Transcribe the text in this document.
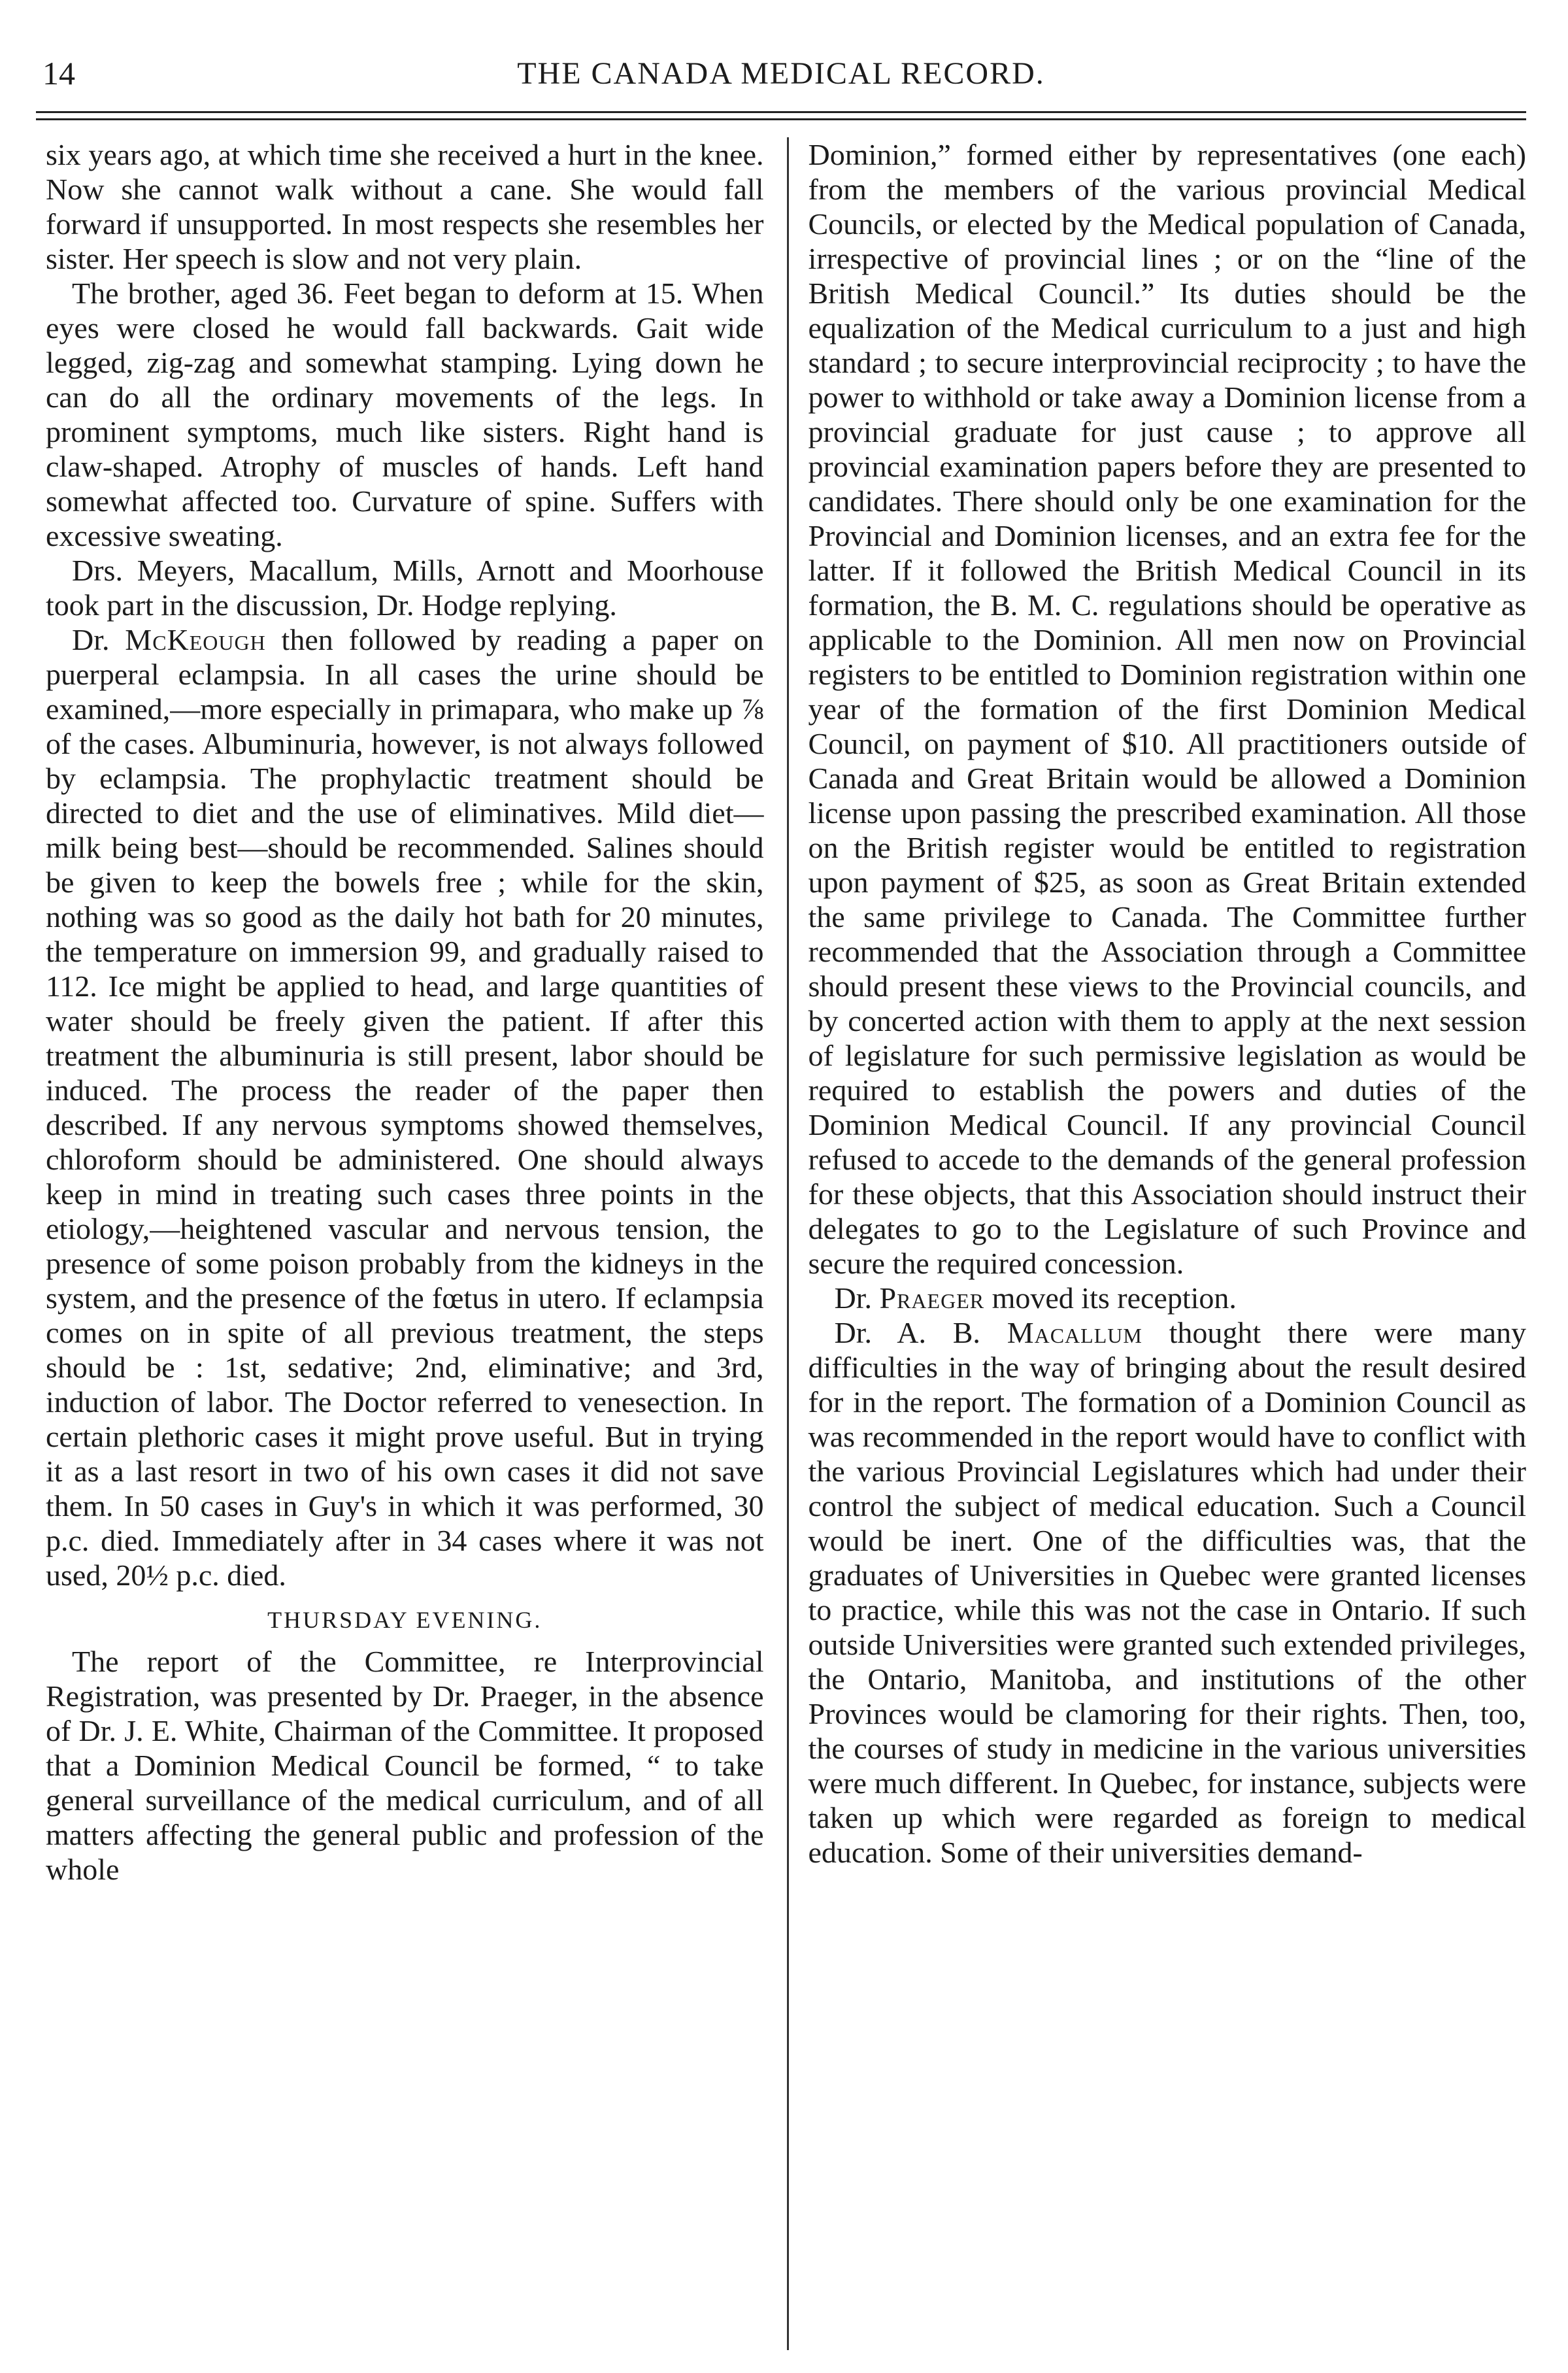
14	THE CANADA MEDICAL RECORD.

six years ago, at which time she received a hurt in the knee. Now she cannot walk without a cane. She would fall forward if unsupported. In most respects she resembles her sister. Her speech is slow and not very plain.

The brother, aged 36. Feet began to deform at 15. When eyes were closed he would fall backwards. Gait wide legged, zig-zag and somewhat stamping. Lying down he can do all the ordinary movements of the legs. In prominent symptoms, much like sisters. Right hand is claw-shaped. Atrophy of muscles of hands. Left hand somewhat affected too. Curvature of spine. Suffers with excessive sweating.

Drs. Meyers, Macallum, Mills, Arnott and Moorhouse took part in the discussion, Dr. Hodge replying.

Dr. McKeough then followed by reading a paper on puerperal eclampsia. In all cases the urine should be examined,—more especially in primapara, who make up ⅞ of the cases. Albuminuria, however, is not always followed by eclampsia. The prophylactic treatment should be directed to diet and the use of eliminatives. Mild diet—milk being best—should be recommended. Salines should be given to keep the bowels free ; while for the skin, nothing was so good as the daily hot bath for 20 minutes, the temperature on immersion 99, and gradually raised to 112. Ice might be applied to head, and large quantities of water should be freely given the patient. If after this treatment the albuminuria is still present, labor should be induced. The process the reader of the paper then described. If any nervous symptoms showed themselves, chloroform should be administered. One should always keep in mind in treating such cases three points in the etiology,—heightened vascular and nervous tension, the presence of some poison probably from the kidneys in the system, and the presence of the fœtus in utero. If eclampsia comes on in spite of all previous treatment, the steps should be : 1st, sedative; 2nd, eliminative; and 3rd, induction of labor. The Doctor referred to venesection. In certain plethoric cases it might prove useful. But in trying it as a last resort in two of his own cases it did not save them. In 50 cases in Guy's in which it was performed, 30 p.c. died. Immediately after in 34 cases where it was not used, 20½ p.c. died.

THURSDAY EVENING.

The report of the Committee, re Interprovincial Registration, was presented by Dr. Praeger, in the absence of Dr. J. E. White, Chairman of the Committee. It proposed that a Dominion Medical Council be formed, “ to take general surveillance of the medical curriculum, and of all matters affecting the general public and profession of the whole

Dominion,” formed either by representatives (one each) from the members of the various provincial Medical Councils, or elected by the Medical population of Canada, irrespective of provincial lines ; or on the “line of the British Medical Council.” Its duties should be the equalization of the Medical curriculum to a just and high standard ; to secure interprovincial reciprocity ; to have the power to withhold or take away a Dominion license from a provincial graduate for just cause ; to approve all provincial examination papers before they are presented to candidates. There should only be one examination for the Provincial and Dominion licenses, and an extra fee for the latter. If it followed the British Medical Council in its formation, the B. M. C. regulations should be operative as applicable to the Dominion. All men now on Provincial registers to be entitled to Dominion registration within one year of the formation of the first Dominion Medical Council, on payment of $10. All practitioners outside of Canada and Great Britain would be allowed a Dominion license upon passing the prescribed examination. All those on the British register would be entitled to registration upon payment of $25, as soon as Great Britain extended the same privilege to Canada. The Committee further recommended that the Association through a Committee should present these views to the Provincial councils, and by concerted action with them to apply at the next session of legislature for such permissive legislation as would be required to establish the powers and duties of the Dominion Medical Council. If any provincial Council refused to accede to the demands of the general profession for these objects, that this Association should instruct their delegates to go to the Legislature of such Province and secure the required concession.

Dr. Praeger moved its reception.

Dr. A. B. Macallum thought there were many difficulties in the way of bringing about the result desired for in the report. The formation of a Dominion Council as was recommended in the report would have to conflict with the various Provincial Legislatures which had under their control the subject of medical education. Such a Council would be inert. One of the difficulties was, that the graduates of Universities in Quebec were granted licenses to practice, while this was not the case in Ontario. If such outside Universities were granted such extended privileges, the Ontario, Manitoba, and institutions of the other Provinces would be clamoring for their rights. Then, too, the courses of study in medicine in the various universities were much different. In Quebec, for instance, subjects were taken up which were regarded as foreign to medical education. Some of their universities demand-
